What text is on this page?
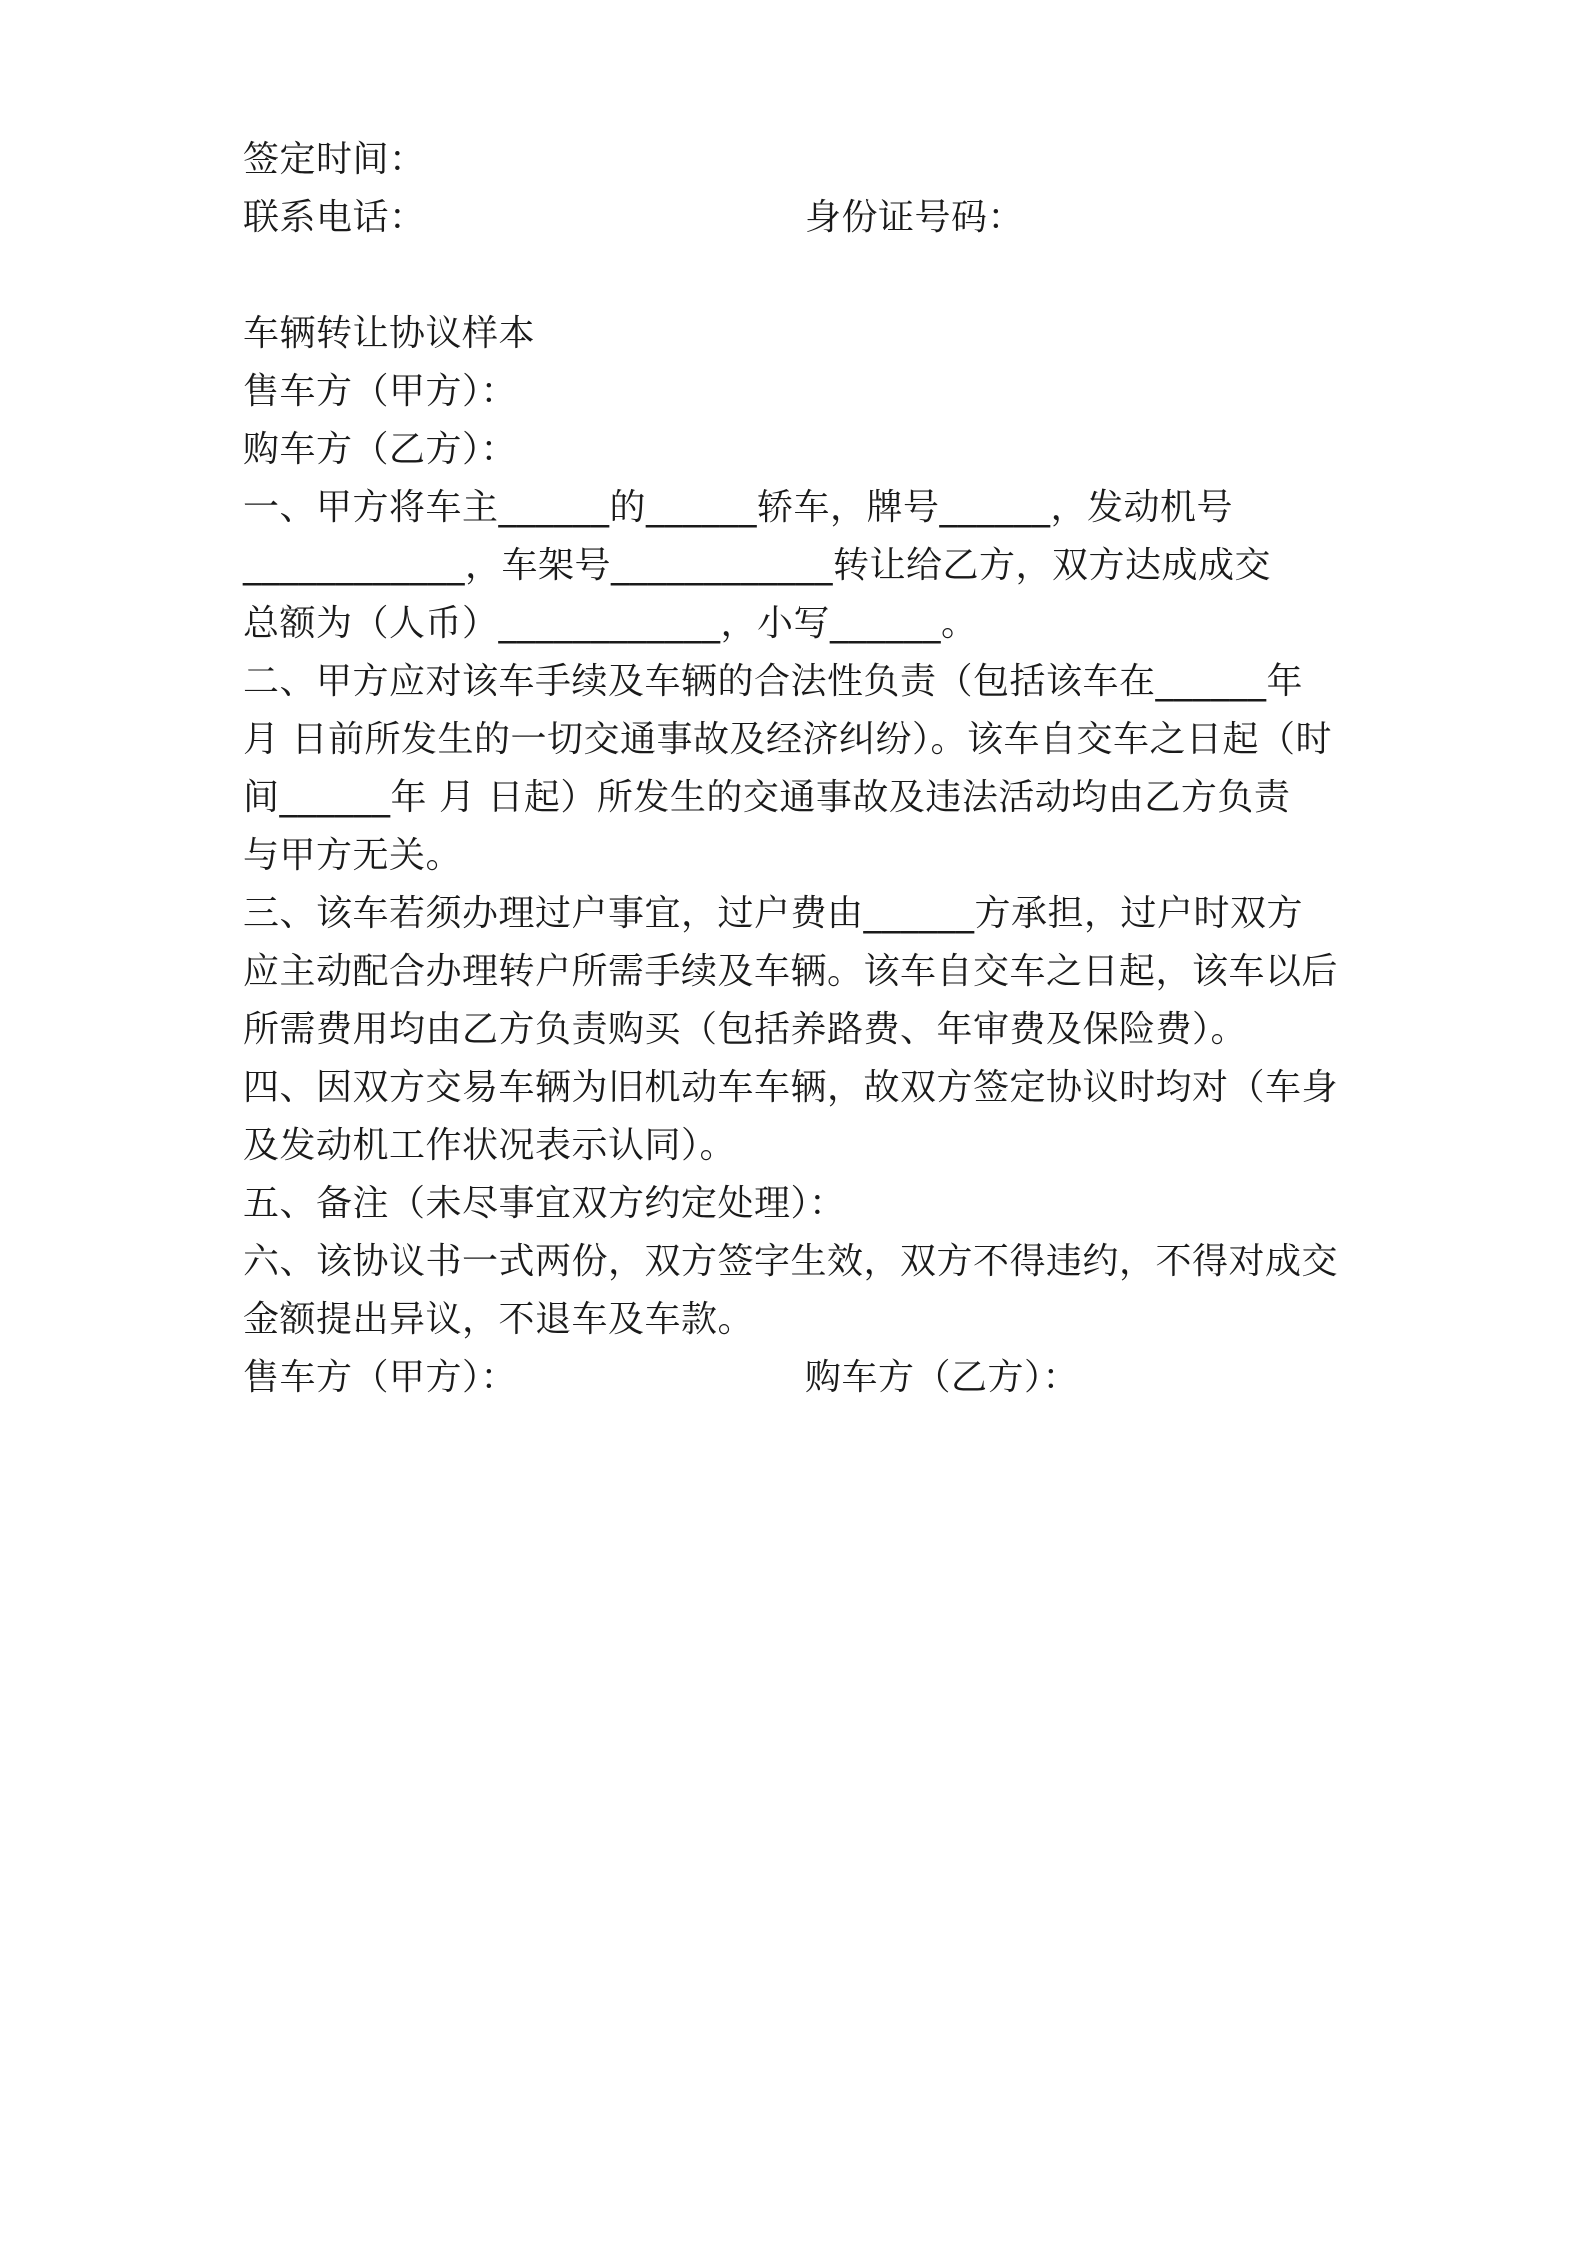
签定时间：
联系电话：	身份证号码：
车辆转让协议样本
售车方（甲方）：
购车方（乙方）：
一、甲方将车主______的______轿车，牌号______，发动机号
____________，车架号____________转让给乙方，双方达成成交
总额为（人币）____________，小写______。
二、甲方应对该车手续及车辆的合法性负责（包括该车在______年
月 日前所发生的一切交通事故及经济纠纷）。该车自交车之日起（时
间______年 月 日起）所发生的交通事故及违法活动均由乙方负责
与甲方无关。
三、该车若须办理过户事宜，过户费由______方承担，过户时双方
应主动配合办理转户所需手续及车辆。该车自交车之日起，该车以后
所需费用均由乙方负责购买（包括养路费、年审费及保险费）。
四、因双方交易车辆为旧机动车车辆，故双方签定协议时均对（车身
及发动机工作状况表示认同）。
五、备注（未尽事宜双方约定处理）：
六、该协议书一式两份，双方签字生效，双方不得违约，不得对成交
金额提出异议，不退车及车款。
售车方（甲方）：	购车方（乙方）：
